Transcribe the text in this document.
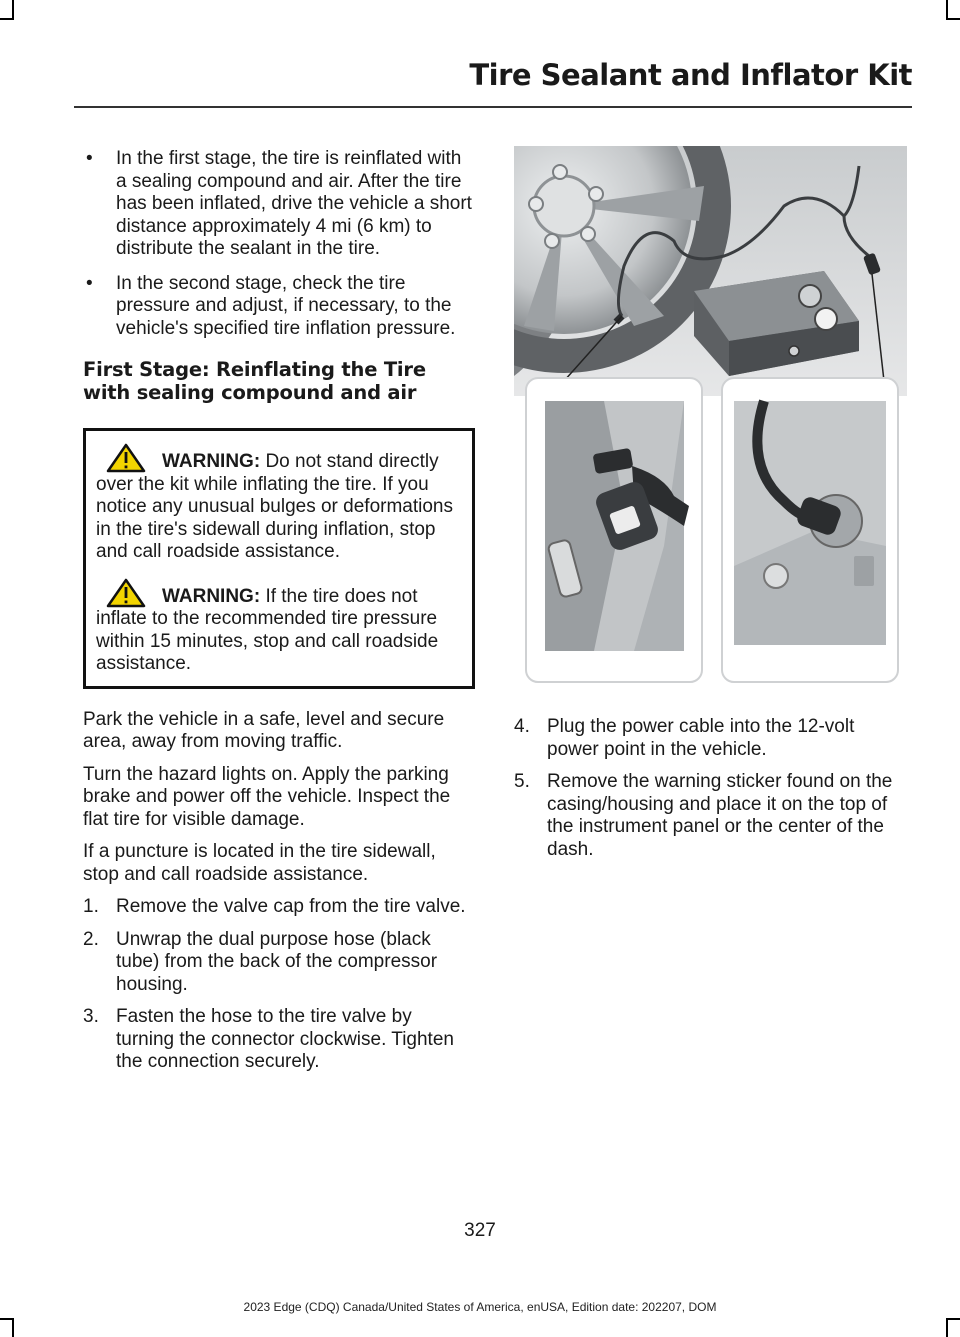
Tire Sealant and Inflator Kit
• In the first stage, the tire is reinflated with a sealing compound and air. After the tire has been inflated, drive the vehicle a short distance approximately 4 mi (6 km) to distribute the sealant in the tire.
• In the second stage, check the tire pressure and adjust, if necessary, to the vehicle's specified tire inflation pressure.
First Stage: Reinflating the Tire with sealing compound and air

WARNING: Do not stand directly over the kit while inflating the tire. If you notice any unusual bulges or deformations in the tire's sidewall during inflation, stop and call roadside assistance.

WARNING: If the tire does not inflate to the recommended tire pressure within 15 minutes, stop and call roadside assistance.

Park the vehicle in a safe, level and secure area, away from moving traffic.

Turn the hazard lights on. Apply the parking brake and power off the vehicle. Inspect the flat tire for visible damage.

If a puncture is located in the tire sidewall, stop and call roadside assistance.

1. Remove the valve cap from the tire valve.
2. Unwrap the dual purpose hose (black tube) from the back of the compressor housing.
3. Fasten the hose to the tire valve by turning the connector clockwise. Tighten the connection securely.
4. Plug the power cable into the 12-volt power point in the vehicle.
5. Remove the warning sticker found on the casing/housing and place it on the top of the instrument panel or the center of the dash.
327
2023 Edge (CDQ) Canada/United States of America, enUSA, Edition date: 202207, DOM
